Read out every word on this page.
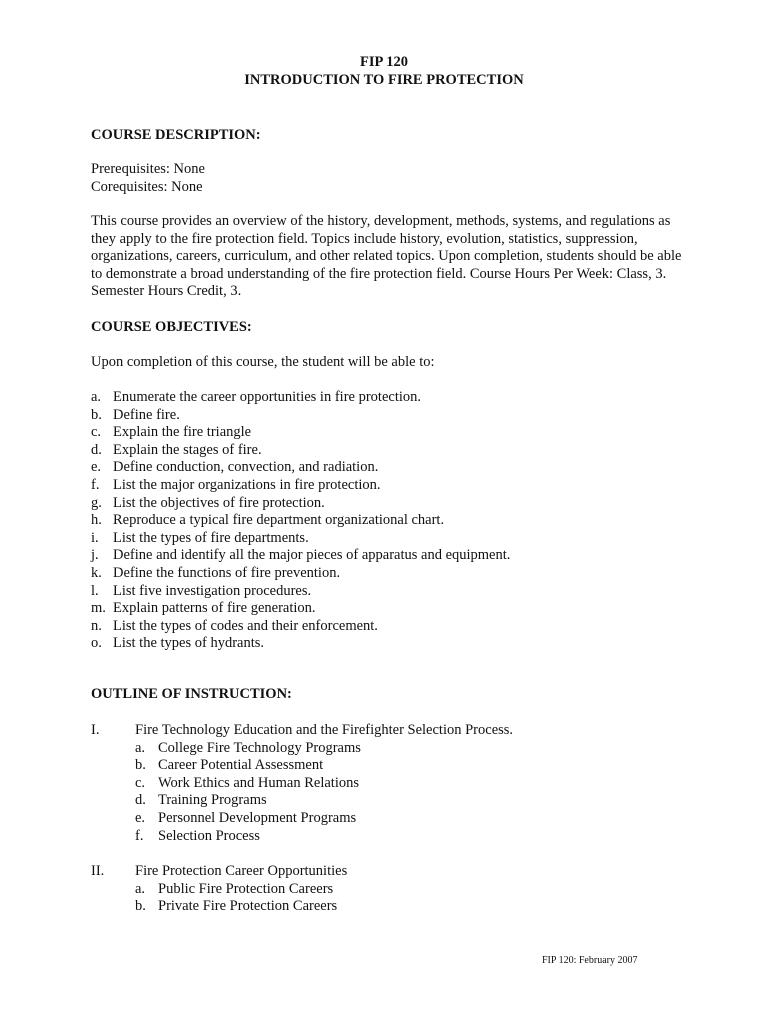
FIP 120
INTRODUCTION TO FIRE PROTECTION
COURSE DESCRIPTION:
Prerequisites: None
Corequisites: None
This course provides an overview of the history, development, methods, systems, and regulations as they apply to the fire protection field. Topics include history, evolution, statistics, suppression, organizations, careers, curriculum, and other related topics. Upon completion, students should be able to demonstrate a broad understanding of the fire protection field. Course Hours Per Week: Class, 3. Semester Hours Credit, 3.
COURSE OBJECTIVES:
Upon completion of this course, the student will be able to:
a. Enumerate the career opportunities in fire protection.
b. Define fire.
c. Explain the fire triangle
d. Explain the stages of fire.
e. Define conduction, convection, and radiation.
f. List the major organizations in fire protection.
g. List the objectives of fire protection.
h. Reproduce a typical fire department organizational chart.
i. List the types of fire departments.
j. Define and identify all the major pieces of apparatus and equipment.
k. Define the functions of fire prevention.
l. List five investigation procedures.
m. Explain patterns of fire generation.
n. List the types of codes and their enforcement.
o. List the types of hydrants.
OUTLINE OF INSTRUCTION:
I. Fire Technology Education and the Firefighter Selection Process.
a. College Fire Technology Programs
b. Career Potential Assessment
c. Work Ethics and Human Relations
d. Training Programs
e. Personnel Development Programs
f. Selection Process
II. Fire Protection Career Opportunities
a. Public Fire Protection Careers
b. Private Fire Protection Careers
FIP 120: February 2007
